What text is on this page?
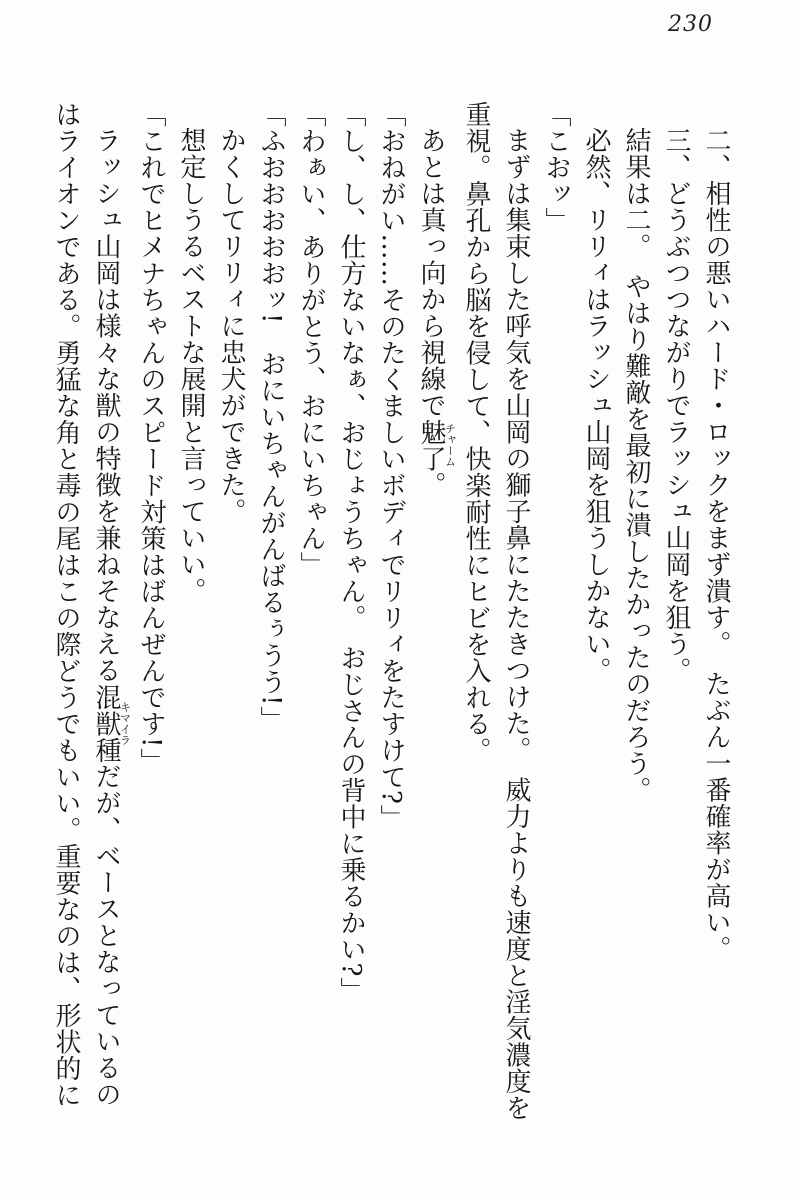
230
二、相性の悪いハード・ロックをまず潰す。　たぶん一番確率が高い。
三、どうぶつつながりでラッシュ山岡を狙う。
結果は二。　やはり難敵を最初に潰したかったのだろう。
必然、リリィはラッシュ山岡を狙うしかない。
「こおッ」
まずは集束した呼気を山岡の獅子鼻にたたきつけた。　威力よりも速度と淫気濃度を
重視。鼻孔から脳を侵して、快楽耐性にヒビを入れる。
あとは真っ向から視線で魅了チャーム。
「おねがい……そのたくましいボディでリリィをたすけて?」
「し、し、仕方ないなぁ、おじょうちゃん。　おじさんの背中に乗るかい?」
「わぁい、ありがとう、おにいちゃん」
「ふおおおおおッ!　おにいちゃんがんばるぅうう!」
かくしてリリィに忠犬ができた。
想定しうるベストな展開と言っていい。
「これでヒメナちゃんのスピード対策はばんぜんです!」
ラッシュ山岡は様々な獣の特徴を兼ねそなえる混獣種キマイラだが、ベースとなっているの
はライオンである。勇猛な角と毒の尾はこの際どうでもいい。重要なのは、形状的に
